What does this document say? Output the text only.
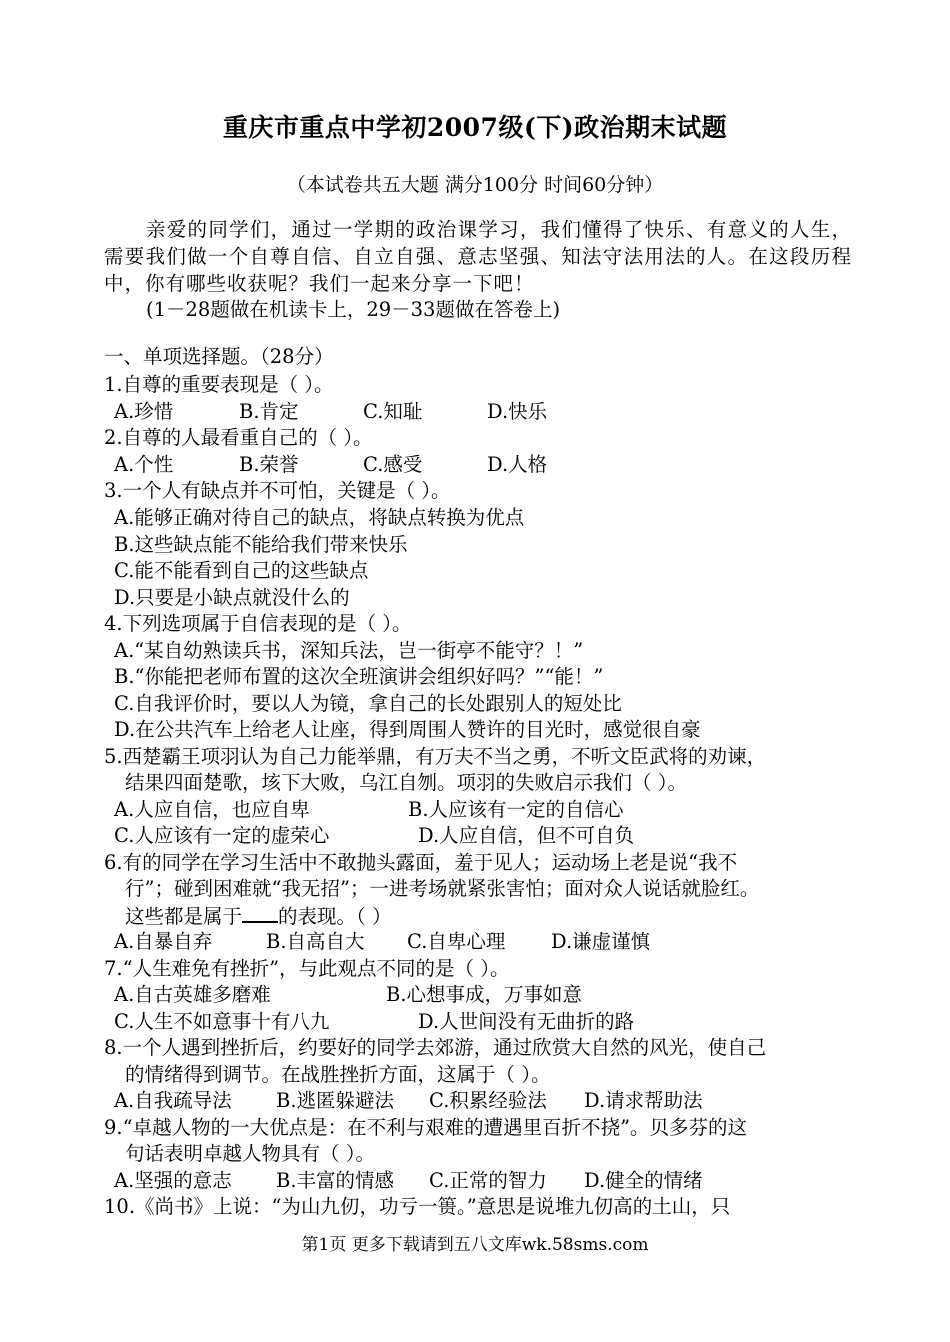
重庆市重点中学初2007级(下)政治期末试题
（本试卷共五大题 满分100分 时间60分钟）

亲爱的同学们，通过一学期的政治课学习，我们懂得了快乐、有意义的人生，需要我们做一个自尊自信、自立自强、意志坚强、知法守法用法的人。在这段历程中，你有哪些收获呢？我们一起来分享一下吧！

(1－28题做在机读卡上，29－33题做在答卷上)
一、单项选择题。（28分）
1.自尊的重要表现是（ ）。
A.珍惜	B.肯定	C.知耻	D.快乐
2.自尊的人最看重自己的（ ）。
A.个性	B.荣誉	C.感受	D.人格
3.一个人有缺点并不可怕，关键是（ ）。
A.能够正确对待自己的缺点，将缺点转换为优点
B.这些缺点能不能给我们带来快乐
C.能不能看到自己的这些缺点
D.只要是小缺点就没什么的
4.下列选项属于自信表现的是（ ）。
A.“某自幼熟读兵书，深知兵法，岂一街亭不能守？！”
B.“你能把老师布置的这次全班演讲会组织好吗？”“能！”
C.自我评价时，要以人为镜，拿自己的长处跟别人的短处比
D.在公共汽车上给老人让座，得到周围人赞许的目光时，感觉很自豪
5.西楚霸王项羽认为自己力能举鼎，有万夫不当之勇，不听文臣武将的劝谏，
结果四面楚歌，垓下大败，乌江自刎。项羽的失败启示我们（ ）。
A.人应自信，也应自卑	B.人应该有一定的自信心
C.人应该有一定的虚荣心	D.人应自信，但不可自负
6.有的同学在学习生活中不敢抛头露面，羞于见人；运动场上老是说“我不
行”；碰到困难就“我无招”；一进考场就紧张害怕；面对众人说话就脸红。
这些都是属于 的表现。（ ）
A.自暴自弃	B.自高自大 C.自卑心理 D.谦虚谨慎
7.“人生难免有挫折”，与此观点不同的是（ ）。
A.自古英雄多磨难	B.心想事成，万事如意
C.人生不如意事十有八九	D.人世间没有无曲折的路
8.一个人遇到挫折后，约要好的同学去郊游，通过欣赏大自然的风光，使自己
的情绪得到调节。在战胜挫折方面，这属于（ ）。
A.自我疏导法 B.逃匿躲避法 C.积累经验法 D.请求帮助法
9.“卓越人物的一大优点是：在不利与艰难的遭遇里百折不挠”。贝多芬的这
句话表明卓越人物具有（ ）。
A.坚强的意志 B.丰富的情感 C.正常的智力 D.健全的情绪
10.《尚书》上说：“为山九仞，功亏一篑。”意思是说堆九仞高的土山，只
第1页 更多下载请到五八文库wk.58sms.com
